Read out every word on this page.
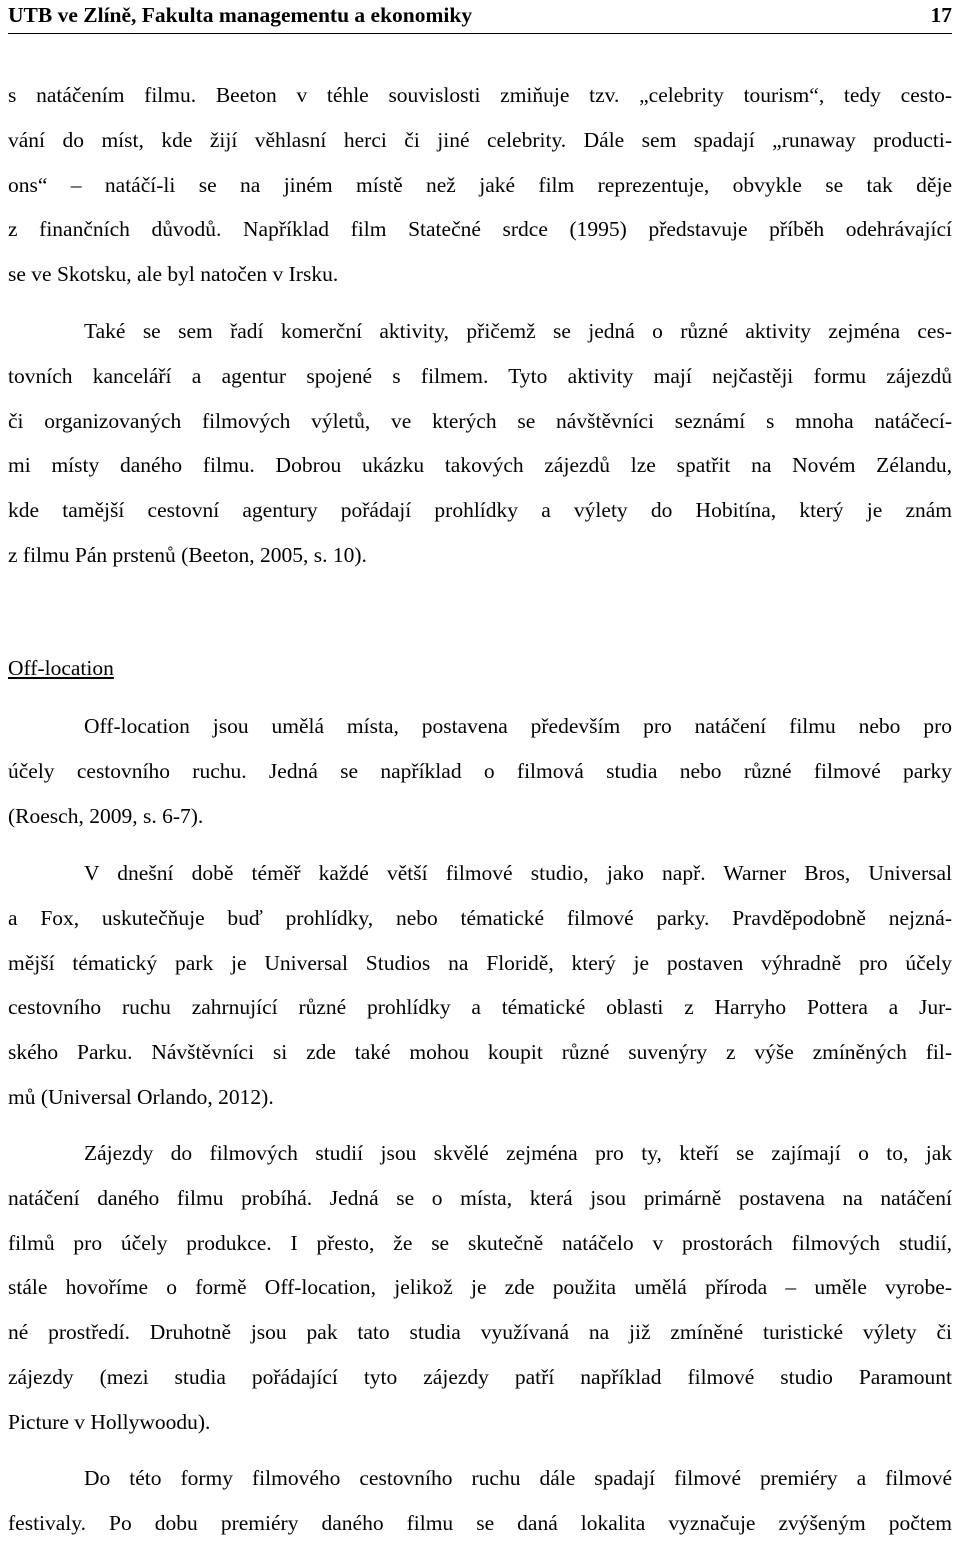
UTB ve Zlíně, Fakulta managementu a ekonomiky	17
s natáčením filmu. Beeton v téhle souvislosti zmiňuje tzv. „celebrity tourism“, tedy cesto-
vání do míst, kde žijí věhlasní herci či jiné celebrity. Dále sem spadají „runaway producti-
ons“ – natáčí-li se na jiném místě než jaké film reprezentuje, obvykle se tak děje
z finančních důvodů. Například film Statečné srdce (1995) představuje příběh odehrávající
se ve Skotsku, ale byl natočen v Irsku.
Také se sem řadí komerční aktivity, přičemž se jedná o různé aktivity zejména ces-
tovních kanceláří a agentur spojené s filmem. Tyto aktivity mají nejčastěji formu zájezdů
či organizovaných filmových výletů, ve kterých se návštěvníci seznámí s mnoha natáčecí-
mi místy daného filmu. Dobrou ukázku takových zájezdů lze spatřit na Novém Zélandu,
kde tamější cestovní agentury pořádají prohlídky a výlety do Hobitína, který je znám
z filmu Pán prstenů (Beeton, 2005, s. 10).
Off-location
Off-location jsou umělá místa, postavena především pro natáčení filmu nebo pro
účely cestovního ruchu. Jedná se například o filmová studia nebo různé filmové parky
(Roesch, 2009, s. 6-7).
V dnešní době téměř každé větší filmové studio, jako např. Warner Bros, Universal
a Fox, uskutečňuje buď prohlídky, nebo tématické filmové parky. Pravděpodobně nejzná-
mější tématický park je Universal Studios na Floridě, který je postaven výhradně pro účely
cestovního ruchu zahrnující různé prohlídky a tématické oblasti z Harryho Pottera a Jur-
ského Parku. Návštěvníci si zde také mohou koupit různé suvenýry z výše zmíněných fil-
mů (Universal Orlando, 2012).
Zájezdy do filmových studií jsou skvělé zejména pro ty, kteří se zajímají o to, jak
natáčení daného filmu probíhá. Jedná se o místa, která jsou primárně postavena na natáčení
filmů pro účely produkce. I přesto, že se skutečně natáčelo v prostorách filmových studií,
stále hovoříme o formě Off-location, jelikož je zde použita umělá příroda – uměle vyrobe-
né prostředí. Druhotně jsou pak tato studia využívaná na již zmíněné turistické výlety či
zájezdy (mezi studia pořádající tyto zájezdy patří například filmové studio Paramount
Picture v Hollywoodu).
Do této formy filmového cestovního ruchu dále spadají filmové premiéry a filmové
festivaly. Po dobu premiéry daného filmu se daná lokalita vyznačuje zvýšeným počtem
